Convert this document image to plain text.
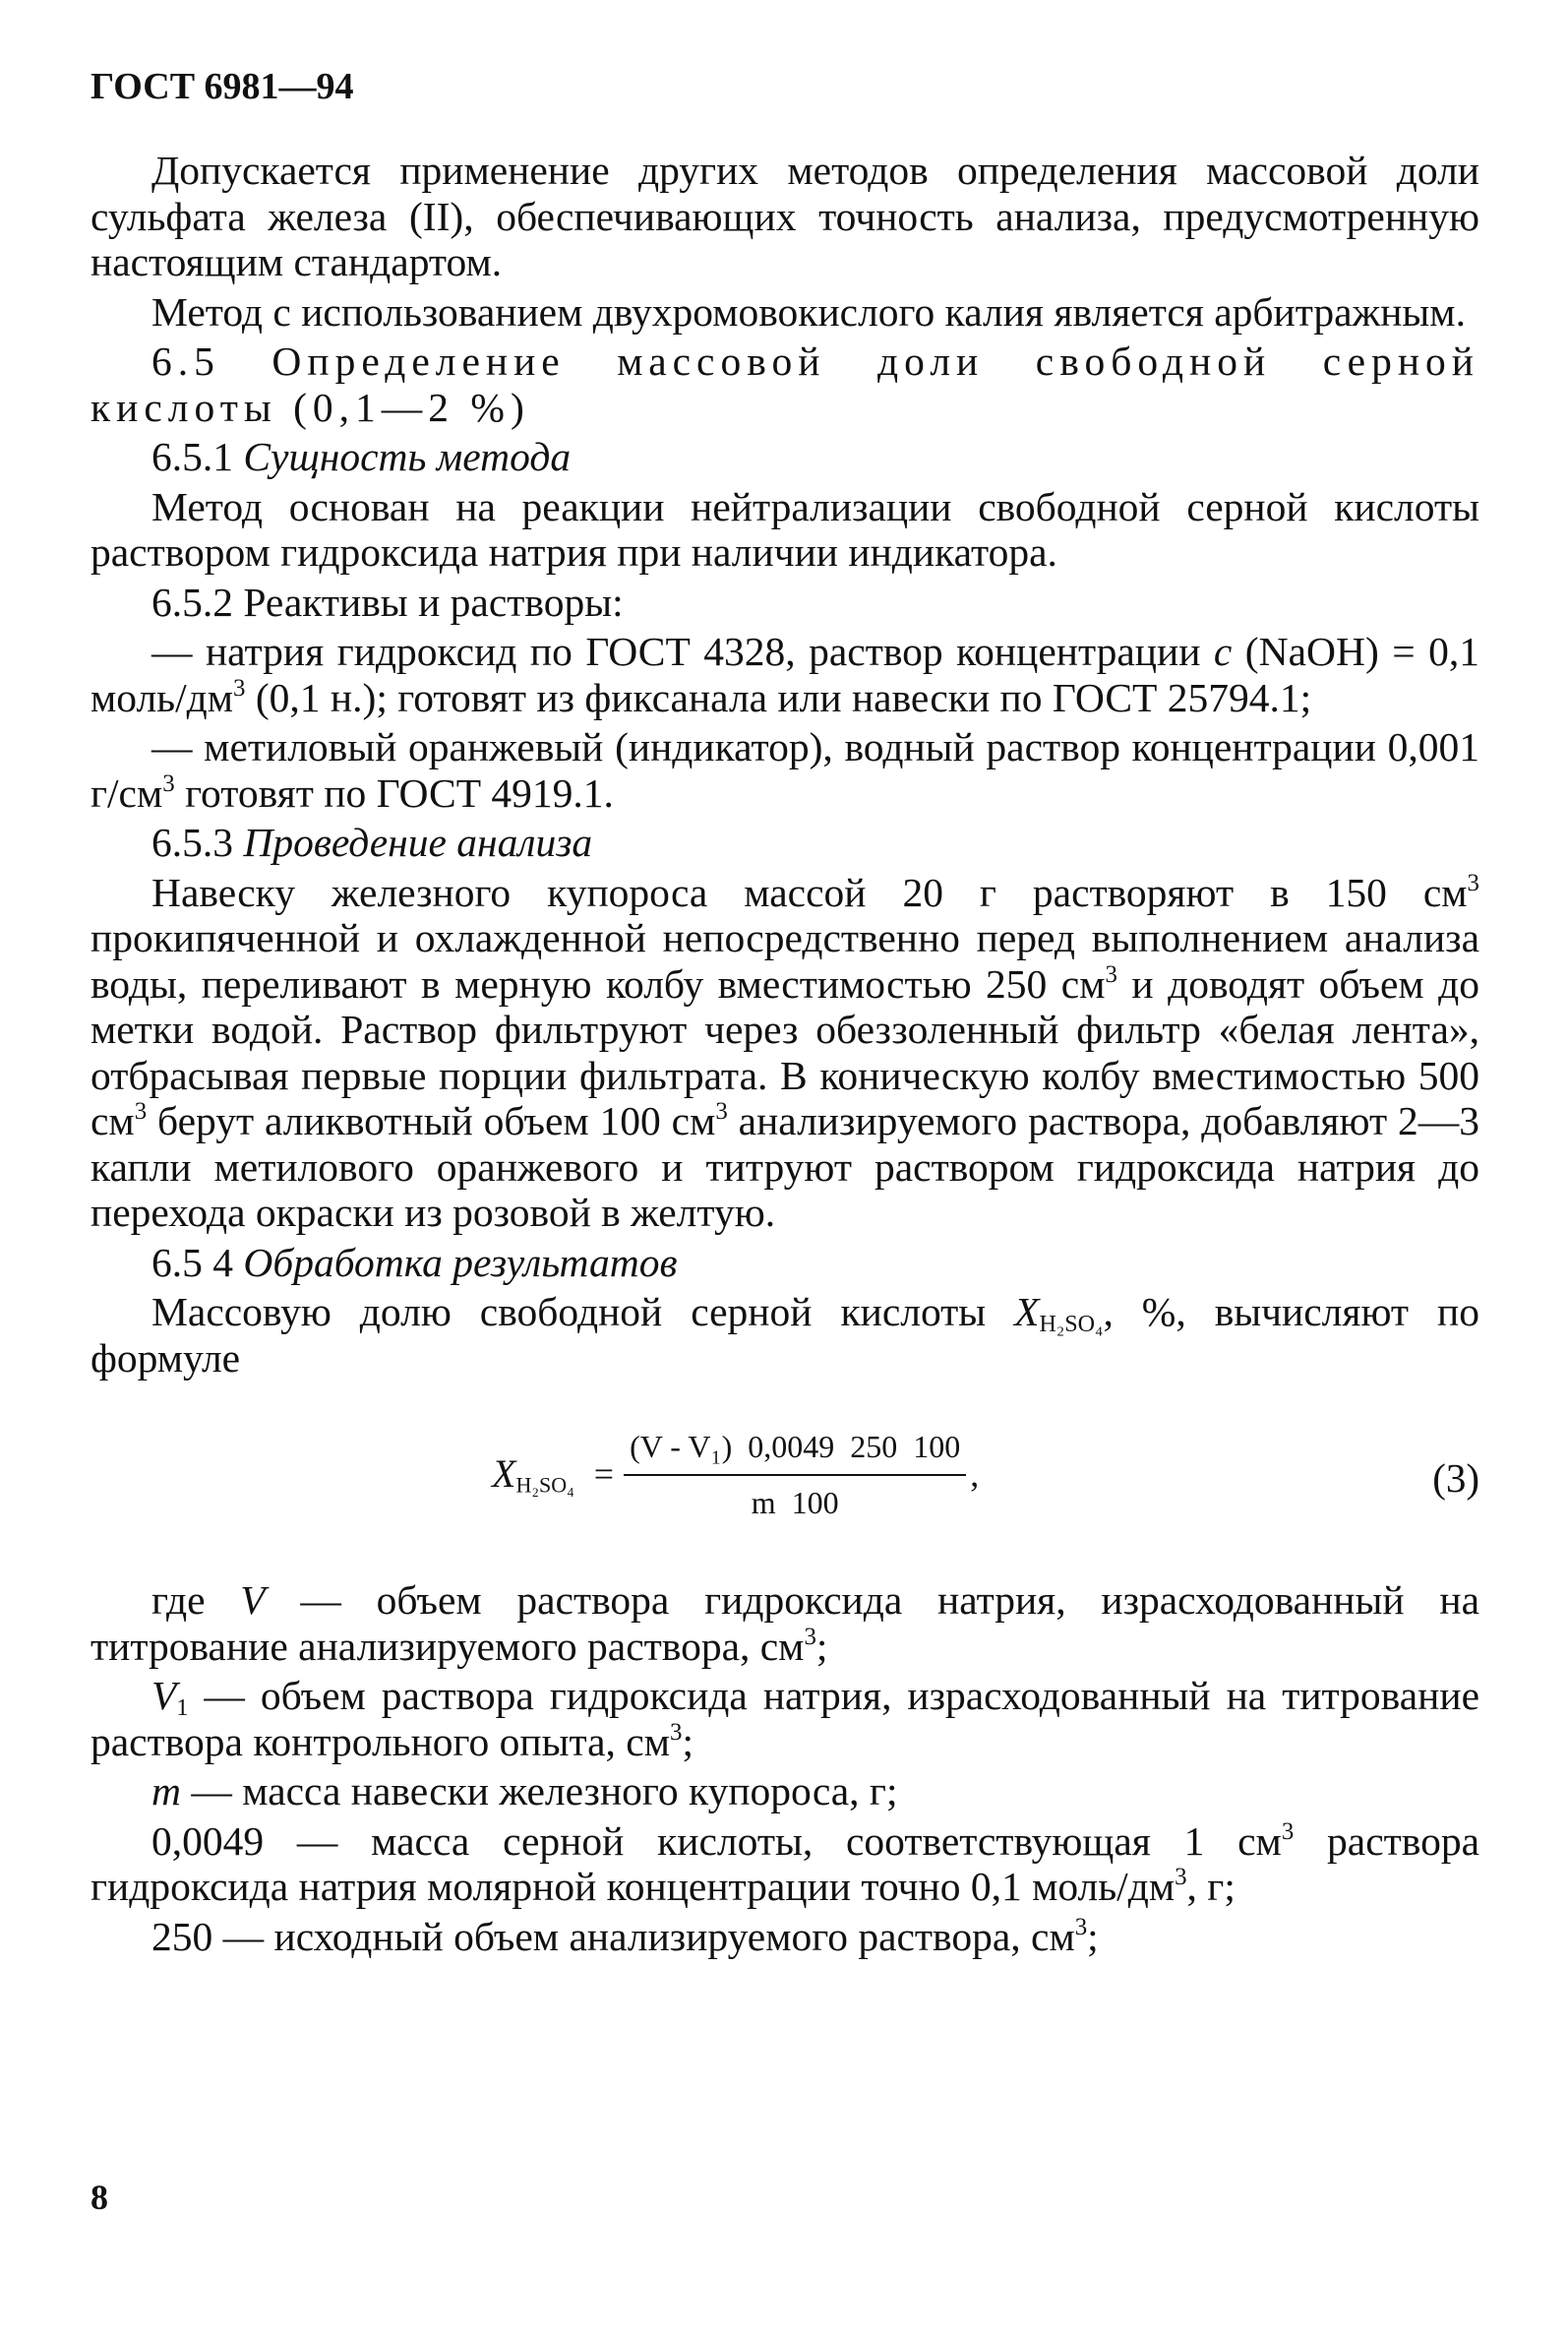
ГОСТ 6981—94

Допускается применение других методов определения массовой доли сульфата железа (II), обеспечивающих точность анализа, предусмотренную настоящим стандартом.

Метод с использованием двухромовокислого калия является арбитражным.

6.5 Определение массовой доли свободной серной кислоты (0,1—2 %)

6.5.1 Сущность метода

Метод основан на реакции нейтрализации свободной серной кислоты раствором гидроксида натрия при наличии индикатора.

6.5.2 Реактивы и растворы:

— натрия гидроксид по ГОСТ 4328, раствор концентрации c (NaOH) = 0,1 моль/$дм^3$ (0,1 н.); готовят из фиксанала или навески по ГОСТ 25794.1;

— метиловый оранжевый (индикатор), водный раствор концентрации 0,001 $г/см^3$ готовят по ГОСТ 4919.1.

6.5.3 Проведение анализа

Навеску железного купороса массой 20 г растворяют в 150 $см^3$ прокипяченной и охлажденной непосредственно перед выполнением анализа воды, переливают в мерную колбу вместимостью 250 $см^3$ и доводят объем до метки водой. Раствор фильтруют через обеззоленный фильтр «белая лента», отбрасывая первые порции фильтрата. В коническую колбу вместимостью 500 $см^3$ берут аликвотный объем 100 $см^3$ анализируемого раствора, добавляют 2—3 капли метилового оранжевого и титруют раствором гидроксида натрия до перехода окраски из розовой в желтую.

6.5 4 Обработка результатов

Массовую долю свободной серной кислоты $X_{H_2SO_4}$, %, вычисляют по формуле

$X_{H_2SO_4} = \frac{\text{(V - V₁)  0,0049  250  100}}{m 100}$ ,	(3)

где V — объем раствора гидроксида натрия, израсходованный на титрование анализируемого раствора, $см^3$;

$V_1$ — объем раствора гидроксида натрия, израсходованный на титрование раствора контрольного опыта, $см^3$;

m — масса навески железного купороса, г;

0,0049 — масса серной кислоты, соответствующая 1 $см^3$ раствора гидроксида натрия молярной концентрации точно 0,1 моль/$дм^3$, г;

250 — исходный объем анализируемого раствора, $см^3$;

8
